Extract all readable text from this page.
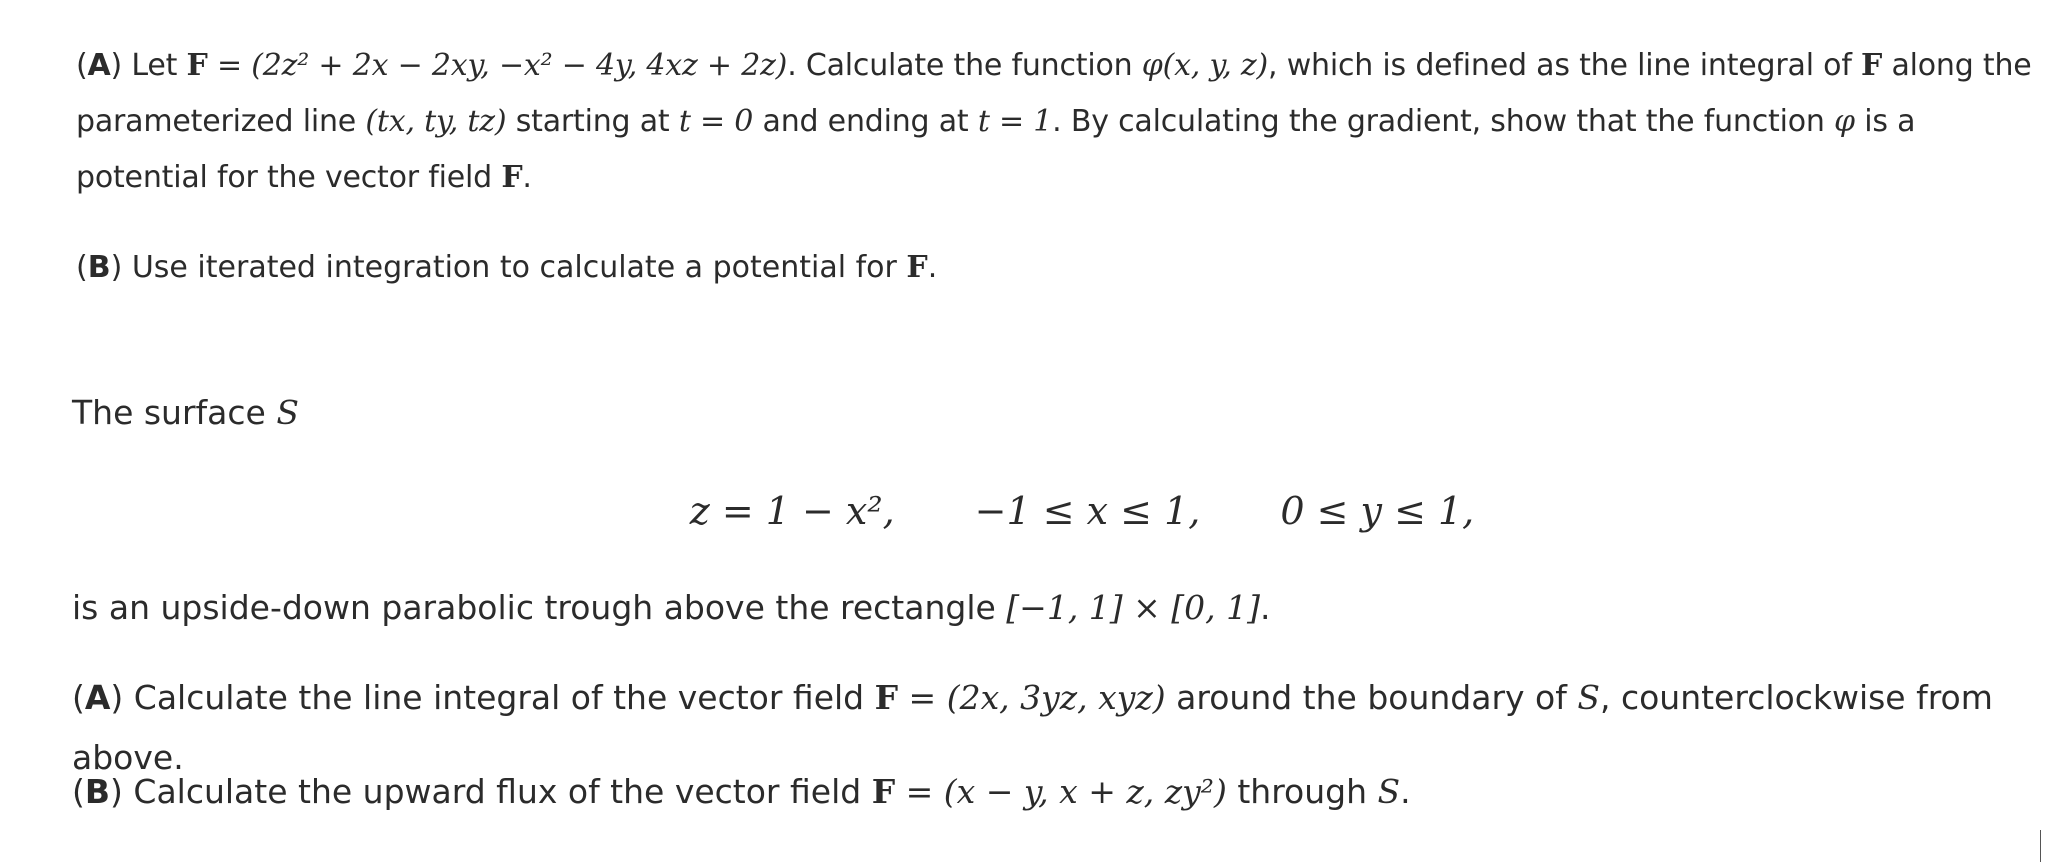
(A) Let F = (2z² + 2x − 2xy, −x² − 4y, 4xz + 2z). Calculate the function φ(x, y, z), which is defined as the line integral of F along the parameterized line (tx, ty, tz) starting at t = 0 and ending at t = 1. By calculating the gradient, show that the function φ is a potential for the vector field F.
(B) Use iterated integration to calculate a potential for F.
The surface S
z = 1 − x², −1 ≤ x ≤ 1, 0 ≤ y ≤ 1,
is an upside-down parabolic trough above the rectangle [−1, 1] × [0, 1].
(A) Calculate the line integral of the vector field F = (2x, 3yz, xyz) around the boundary of S, counterclockwise from above.
(B) Calculate the upward flux of the vector field F = (x − y, x + z, zy²) through S.
